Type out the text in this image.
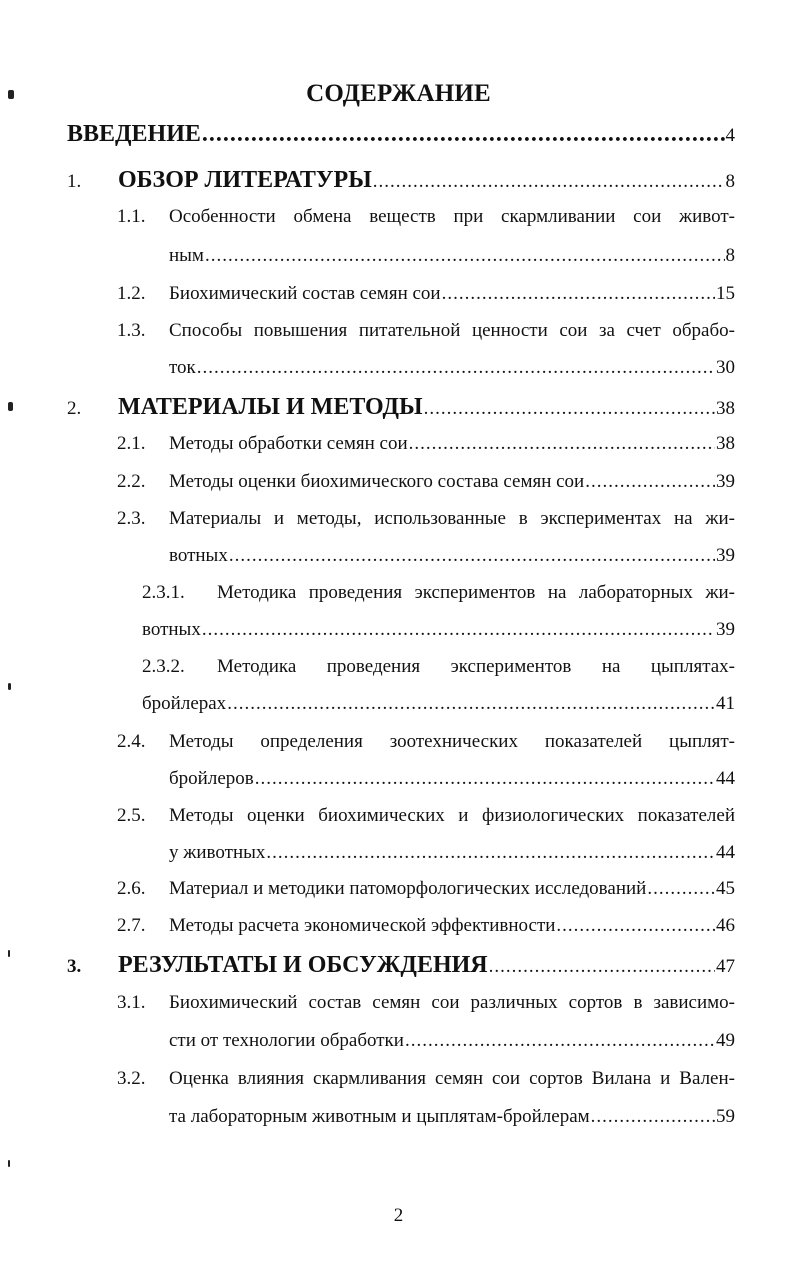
СОДЕРЖАНИЕ
ВВЕДЕНИЕ .....	4
1.	ОБЗОР ЛИТЕРАТУРЫ .....	8
1.1.	Особенности обмена веществ при скармливании сои живот-
ным .....	8
1.2.	Биохимический состав семян сои .....	15
1.3.	Способы повышения питательной ценности сои за счет обрабо-
ток .....	30
2.	МАТЕРИАЛЫ И МЕТОДЫ .....	38
2.1.	Методы обработки семян сои .....	38
2.2.	Методы оценки биохимического состава семян сои .....	39
2.3.	Материалы и методы, использованные в экспериментах на жи-
вотных .....	39
2.3.1.	Методика проведения экспериментов на лабораторных жи-
вотных .....	39
2.3.2.	Методика проведения экспериментов на цыплятах-
бройлерах .....	41
2.4.	Методы определения зоотехнических показателей цыплят-
бройлеров .....	44
2.5.	Методы оценки биохимических и физиологических показателей
у животных .....	44
2.6.	Материал и методики патоморфологических исследований .....	45
2.7.	Методы расчета экономической эффективности .....	46
3.	РЕЗУЛЬТАТЫ И ОБСУЖДЕНИЯ .....	47
3.1.	Биохимический состав семян сои различных сортов в зависимо-
сти от технологии обработки .....	49
3.2.	Оценка влияния скармливания семян сои сортов Вилана и Вален-
та лабораторным животным и цыплятам-бройлерам .....	59
2
